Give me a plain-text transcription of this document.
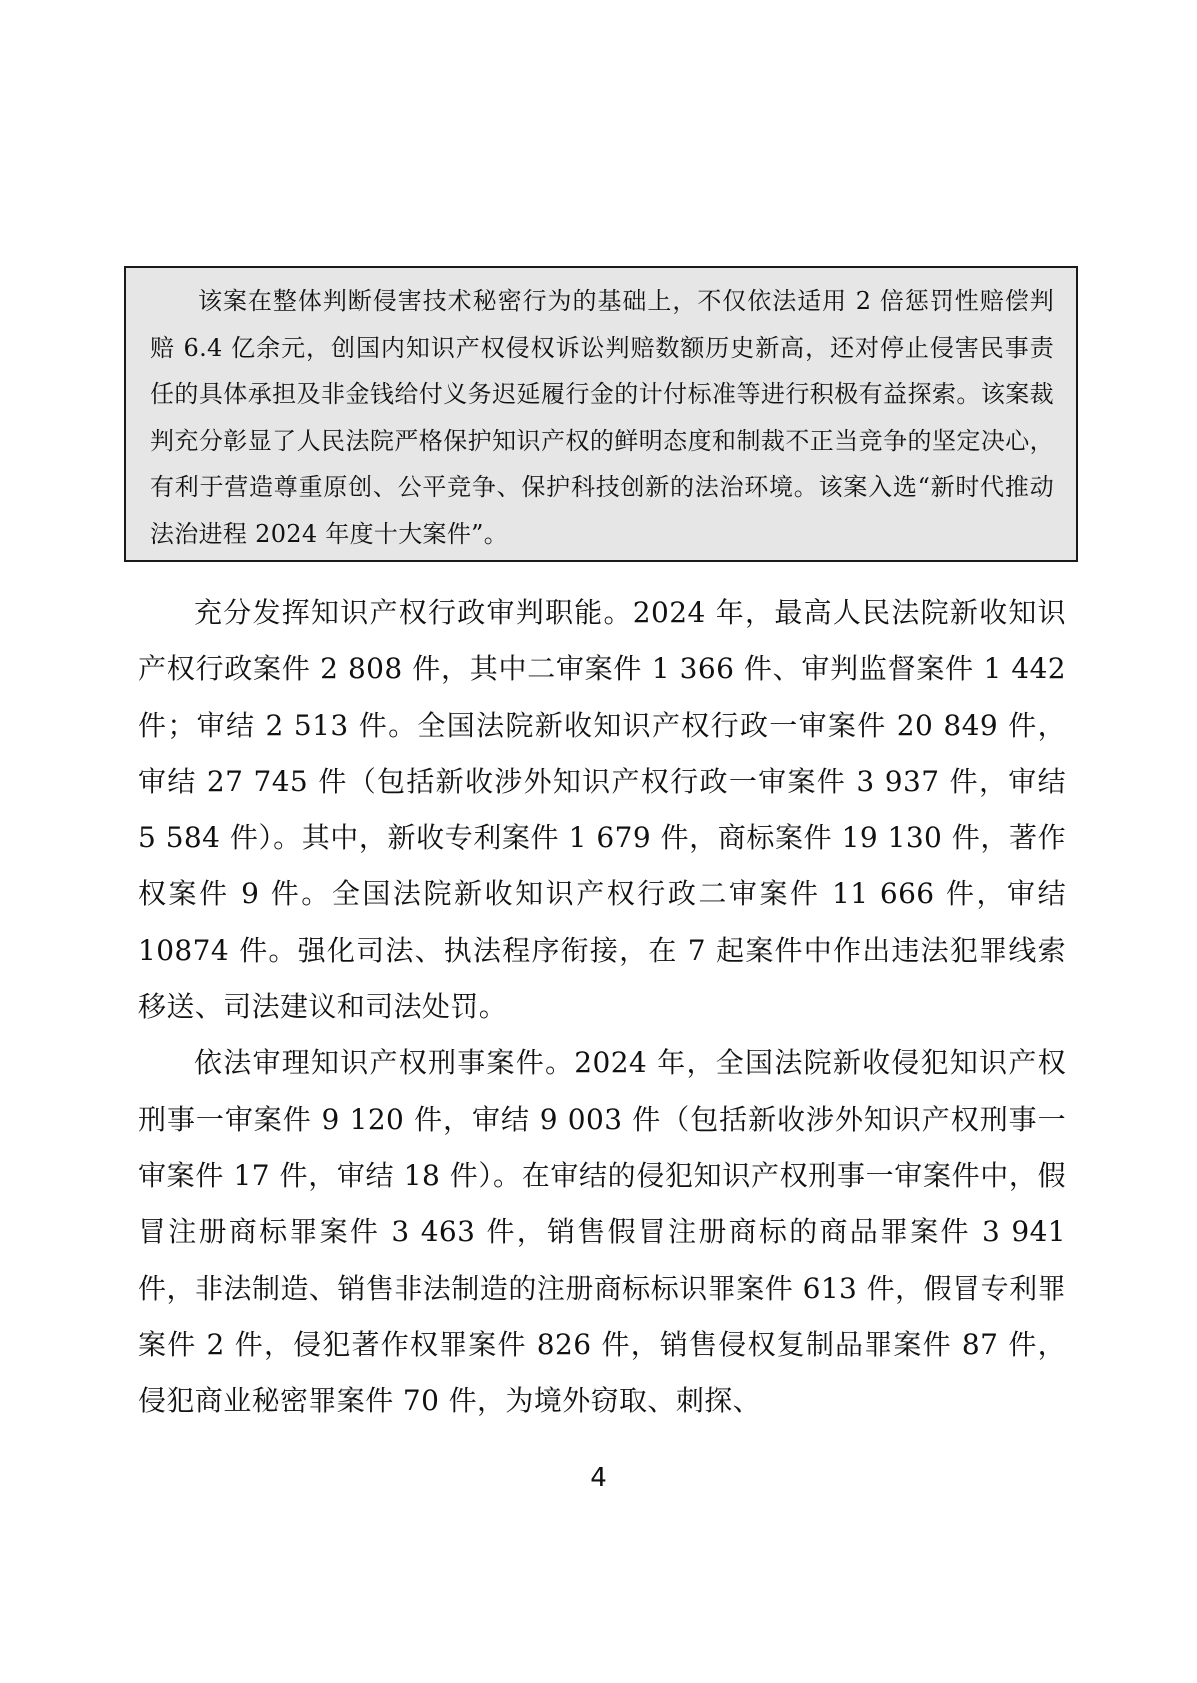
该案在整体判断侵害技术秘密行为的基础上，不仅依法适用 2 倍惩罚性赔偿判赔 6.4 亿余元，创国内知识产权侵权诉讼判赔数额历史新高，还对停止侵害民事责任的具体承担及非金钱给付义务迟延履行金的计付标准等进行积极有益探索。该案裁判充分彰显了人民法院严格保护知识产权的鲜明态度和制裁不正当竞争的坚定决心，有利于营造尊重原创、公平竞争、保护科技创新的法治环境。该案入选“新时代推动法治进程 2024 年度十大案件”。

充分发挥知识产权行政审判职能。2024 年，最高人民法院新收知识产权行政案件 2 808 件，其中二审案件 1 366 件、审判监督案件 1 442 件；审结 2 513 件。全国法院新收知识产权行政一审案件 20 849 件，审结 27 745 件（包括新收涉外知识产权行政一审案件 3 937 件，审结 5 584 件）。其中，新收专利案件 1 679 件，商标案件 19 130 件，著作权案件 9 件。全国法院新收知识产权行政二审案件 11 666 件，审结 10874 件。强化司法、执法程序衔接，在 7 起案件中作出违法犯罪线索移送、司法建议和司法处罚。

依法审理知识产权刑事案件。2024 年，全国法院新收侵犯知识产权刑事一审案件 9 120 件，审结 9 003 件（包括新收涉外知识产权刑事一审案件 17 件，审结 18 件）。在审结的侵犯知识产权刑事一审案件中，假冒注册商标罪案件 3 463 件，销售假冒注册商标的商品罪案件 3 941 件，非法制造、销售非法制造的注册商标标识罪案件 613 件，假冒专利罪案件 2 件，侵犯著作权罪案件 826 件，销售侵权复制品罪案件 87 件，侵犯商业秘密罪案件 70 件，为境外窃取、刺探、

4
